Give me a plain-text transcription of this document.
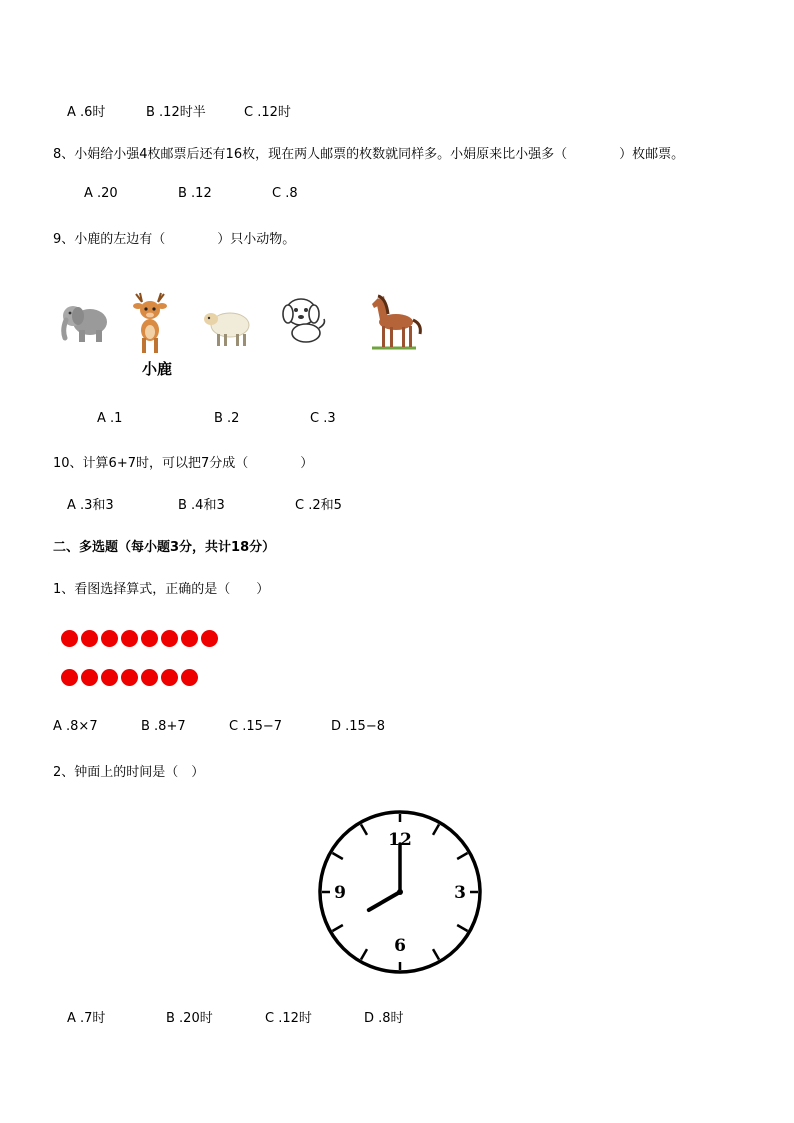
A .6时	B .12时半	C .12时
8、小娟给小强4枚邮票后还有16枚，现在两人邮票的枚数就同样多。小娟原来比小强多（　　　　）枚邮票。
A .20	B .12	C .8
9、小鹿的左边有（　　　　）只小动物。
小鹿
A .1	B .2	C .3
10、计算6+7时，可以把7分成（　　　　）
A .3和3	B .4和3	C .2和5
二、多选题（每小题3分，共计18分）
1、看图选择算式，正确的是（　　）
A .8×7	B .8+7	C .15−7	D .15−8
2、钟面上的时间是（　）
12
3
6
9
A .7时	B .20时	C .12时	D .8时
